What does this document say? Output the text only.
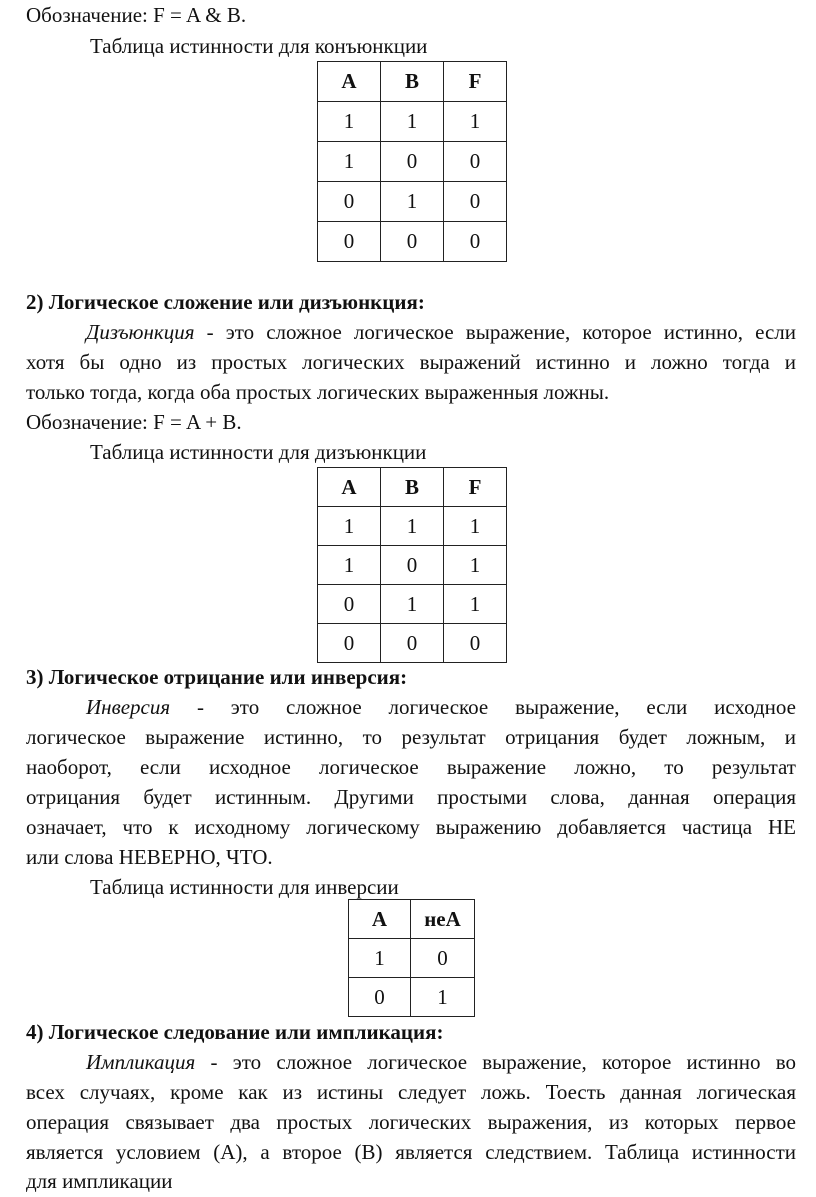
Обозначение: F = A & B.
Таблица истинности для конъюнкции
A	B	F
1	1	1
1	0	0
0	1	0
0	0	0
2) Логическое сложение или дизъюнкция:
Дизъюнкция - это сложное логическое выражение, которое истинно, если
хотя бы одно из простых логических выражений истинно и ложно тогда и
только тогда, когда оба простых логических выраженныя ложны.
Обозначение: F = A + B.
Таблица истинности для дизъюнкции
A	B	F
1	1	1
1	0	1
0	1	1
0	0	0
3) Логическое отрицание или инверсия:
Инверсия - это сложное логическое выражение, если исходное
логическое выражение истинно, то результат отрицания будет ложным, и
наоборот, если исходное логическое выражение ложно, то результат
отрицания будет истинным. Другими простыми слова, данная операция
означает, что к исходному логическому выражению добавляется частица НЕ
или слова НЕВЕРНО, ЧТО.
Таблица истинности для инверсии
A	неA
1	0
0	1
4) Логическое следование или импликация:
Импликация - это сложное логическое выражение, которое истинно во
всех случаях, кроме как из истины следует ложь. Тоесть данная логическая
операция связывает два простых логических выражения, из которых первое
является условием (A), а второе (B) является следствием. Таблица истинности
для импликации
